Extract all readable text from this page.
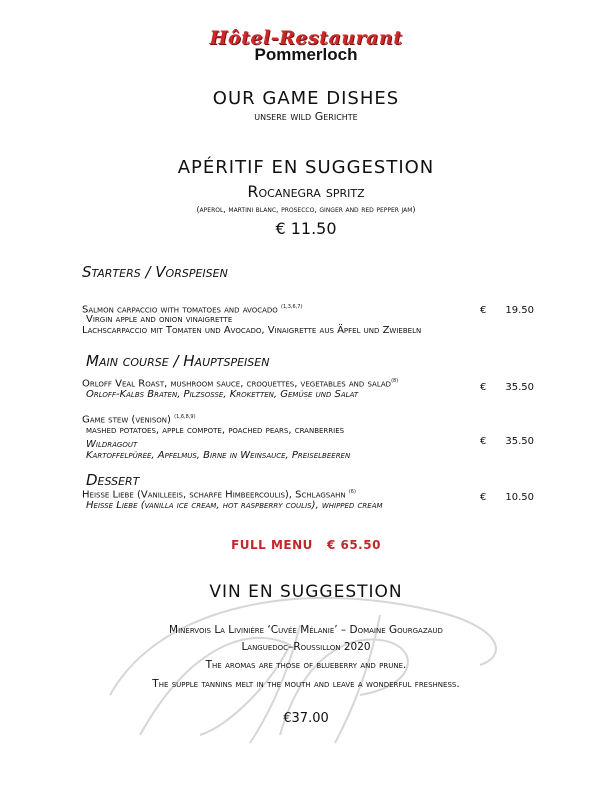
Hôtel-Restaurant
Pommerloch
OUR GAME DISHES
unsere wild Gerichte
APÉRITIF EN SUGGESTION
Rocanegra spritz
(aperol, martini blanc, prosecco, ginger and red pepper jam)
€ 11.50
Starters / Vorspeisen
Salmon carpaccio with tomatoes and avocado $^{(1,3,6,7)}$
Virgin apple and onion vinaigrette
Lachscarpaccio mit Tomaten und Avocado, Vinaigrette aus Äpfel und Zwiebeln
€	19.50
Main course / Hauptspeisen
Orloff Veal Roast, mushroom sauce, croquettes, vegetables and salad$^{(8)}$
Orloff-Kalbs Braten, Pilzsosse, Kroketten, Gemüse und Salat
€	35.50
Game stew (venison) $^{(1,6,8,9)}$
mashed potatoes, apple compote, poached pears, cranberries
Wildragout
Kartoffelpüree, Apfelmus, Birne in Weinsauce, Preiselbeeren
€	35.50
Dessert
Heisse Liebe (Vanilleeis, scharfe Himbeercoulis), Schlagsahn $^{(6)}$
Heisse Liebe (vanilla ice cream, hot raspberry coulis), whipped cream
€	10.50
FULL MENU € 65.50
VIN EN SUGGESTION
Minervois La Livinière ‘Cuvée Mélanie’ – Domaine Gourgazaud
Languedoc–Roussillon 2020
The aromas are those of blueberry and prune.
The supple tannins melt in the mouth and leave a wonderful freshness.
€37.00
